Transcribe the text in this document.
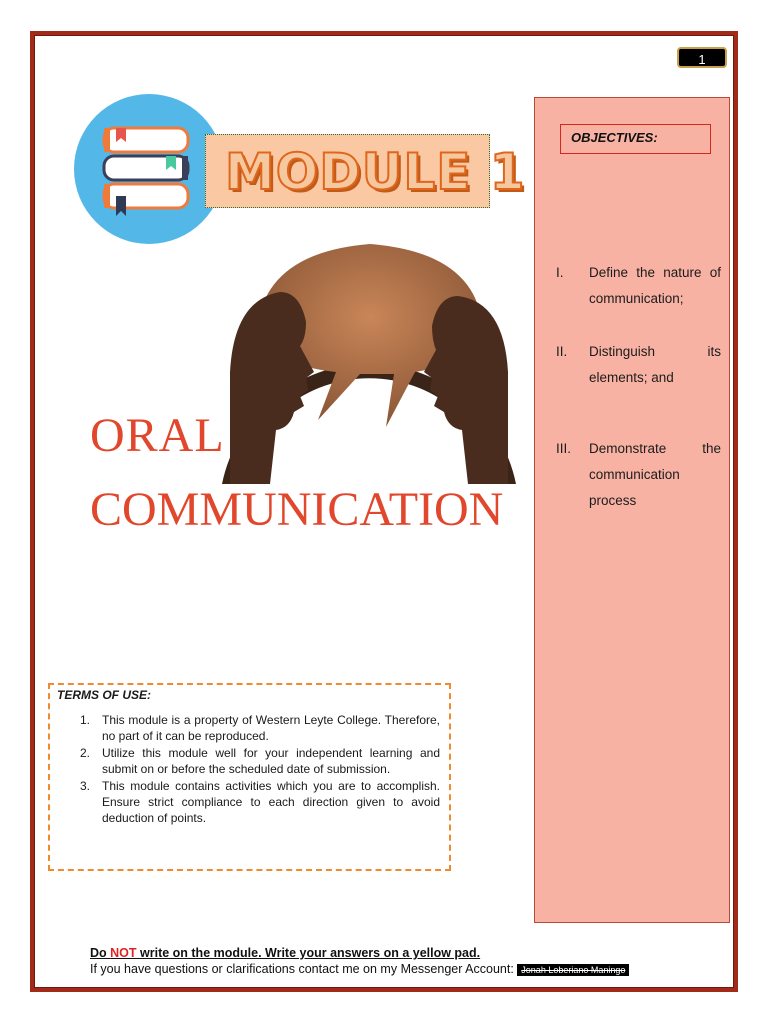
1
MODULE 1
ORAL
COMMUNICATION
OBJECTIVES:
I. Define the nature of communication;
II. Distinguish its elements; and
III. Demonstrate the communication process
TERMS OF USE:
1. This module is a property of Western Leyte College. Therefore, no part of it can be reproduced.
2. Utilize this module well for your independent learning and submit on or before the scheduled date of submission.
3. This module contains activities which you are to accomplish. Ensure strict compliance to each direction given to avoid deduction of points.
Do NOT write on the module. Write your answers on a yellow pad.
If you have questions or clarifications contact me on my Messenger Account: Jonah Loberiano Maningo
